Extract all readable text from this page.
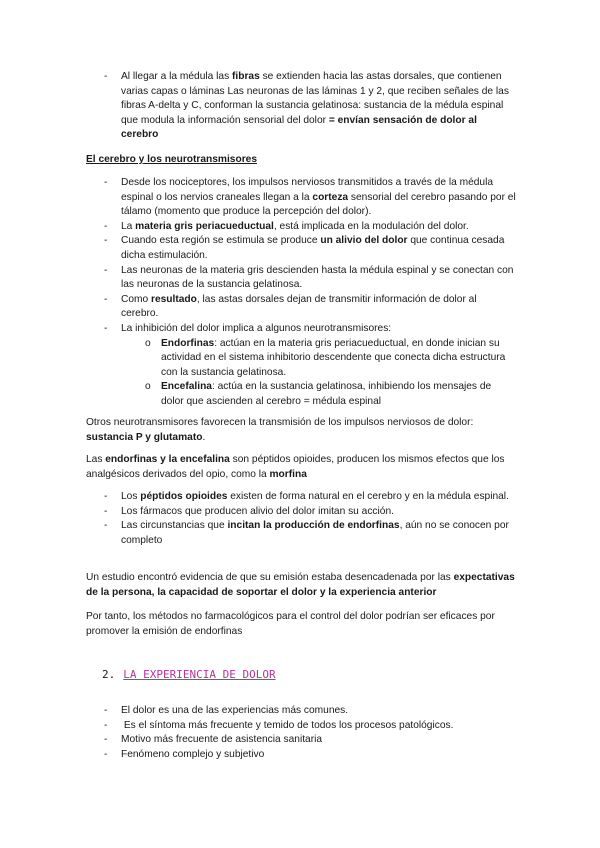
- Al llegar a la médula las fibras se extienden hacia las astas dorsales, que contienen varias capas o láminas Las neuronas de las láminas 1 y 2, que reciben señales de las fibras A-delta y C, conforman la sustancia gelatinosa: sustancia de la médula espinal que modula la información sensorial del dolor = envían sensación de dolor al cerebro

El cerebro y los neurotransmisores

- Desde los nociceptores, los impulsos nerviosos transmitidos a través de la médula espinal o los nervios craneales llegan a la corteza sensorial del cerebro pasando por el tálamo (momento que produce la percepción del dolor).
- La materia gris periacueductual, está implicada en la modulación del dolor.
- Cuando esta región se estimula se produce un alivio del dolor que continua cesada dicha estimulación.
- Las neuronas de la materia gris descienden hasta la médula espinal y se conectan con las neuronas de la sustancia gelatinosa.
- Como resultado, las astas dorsales dejan de transmitir información de dolor al cerebro.
- La inhibición del dolor implica a algunos neurotransmisores:
o Endorfinas: actúan en la materia gris periacueductual, en donde inician su actividad en el sistema inhibitorio descendente que conecta dicha estructura con la sustancia gelatinosa.
o Encefalina: actúa en la sustancia gelatinosa, inhibiendo los mensajes de dolor que ascienden al cerebro = médula espinal

Otros neurotransmisores favorecen la transmisión de los impulsos nerviosos de dolor: sustancia P y glutamato.

Las endorfinas y la encefalina son péptidos opioides, producen los mismos efectos que los analgésicos derivados del opio, como la morfina

- Los péptidos opioides existen de forma natural en el cerebro y en la médula espinal.
- Los fármacos que producen alivio del dolor imitan su acción.
- Las circunstancias que incitan la producción de endorfinas, aún no se conocen por completo

Un estudio encontró evidencia de que su emisión estaba desencadenada por las expectativas de la persona, la capacidad de soportar el dolor y la experiencia anterior

Por tanto, los métodos no farmacológicos para el control del dolor podrían ser eficaces por promover la emisión de endorfinas

2. LA EXPERIENCIA DE DOLOR
- El dolor es una de las experiencias más comunes.
-  Es el síntoma más frecuente y temido de todos los procesos patológicos.
- Motivo más frecuente de asistencia sanitaria
- Fenómeno complejo y subjetivo
